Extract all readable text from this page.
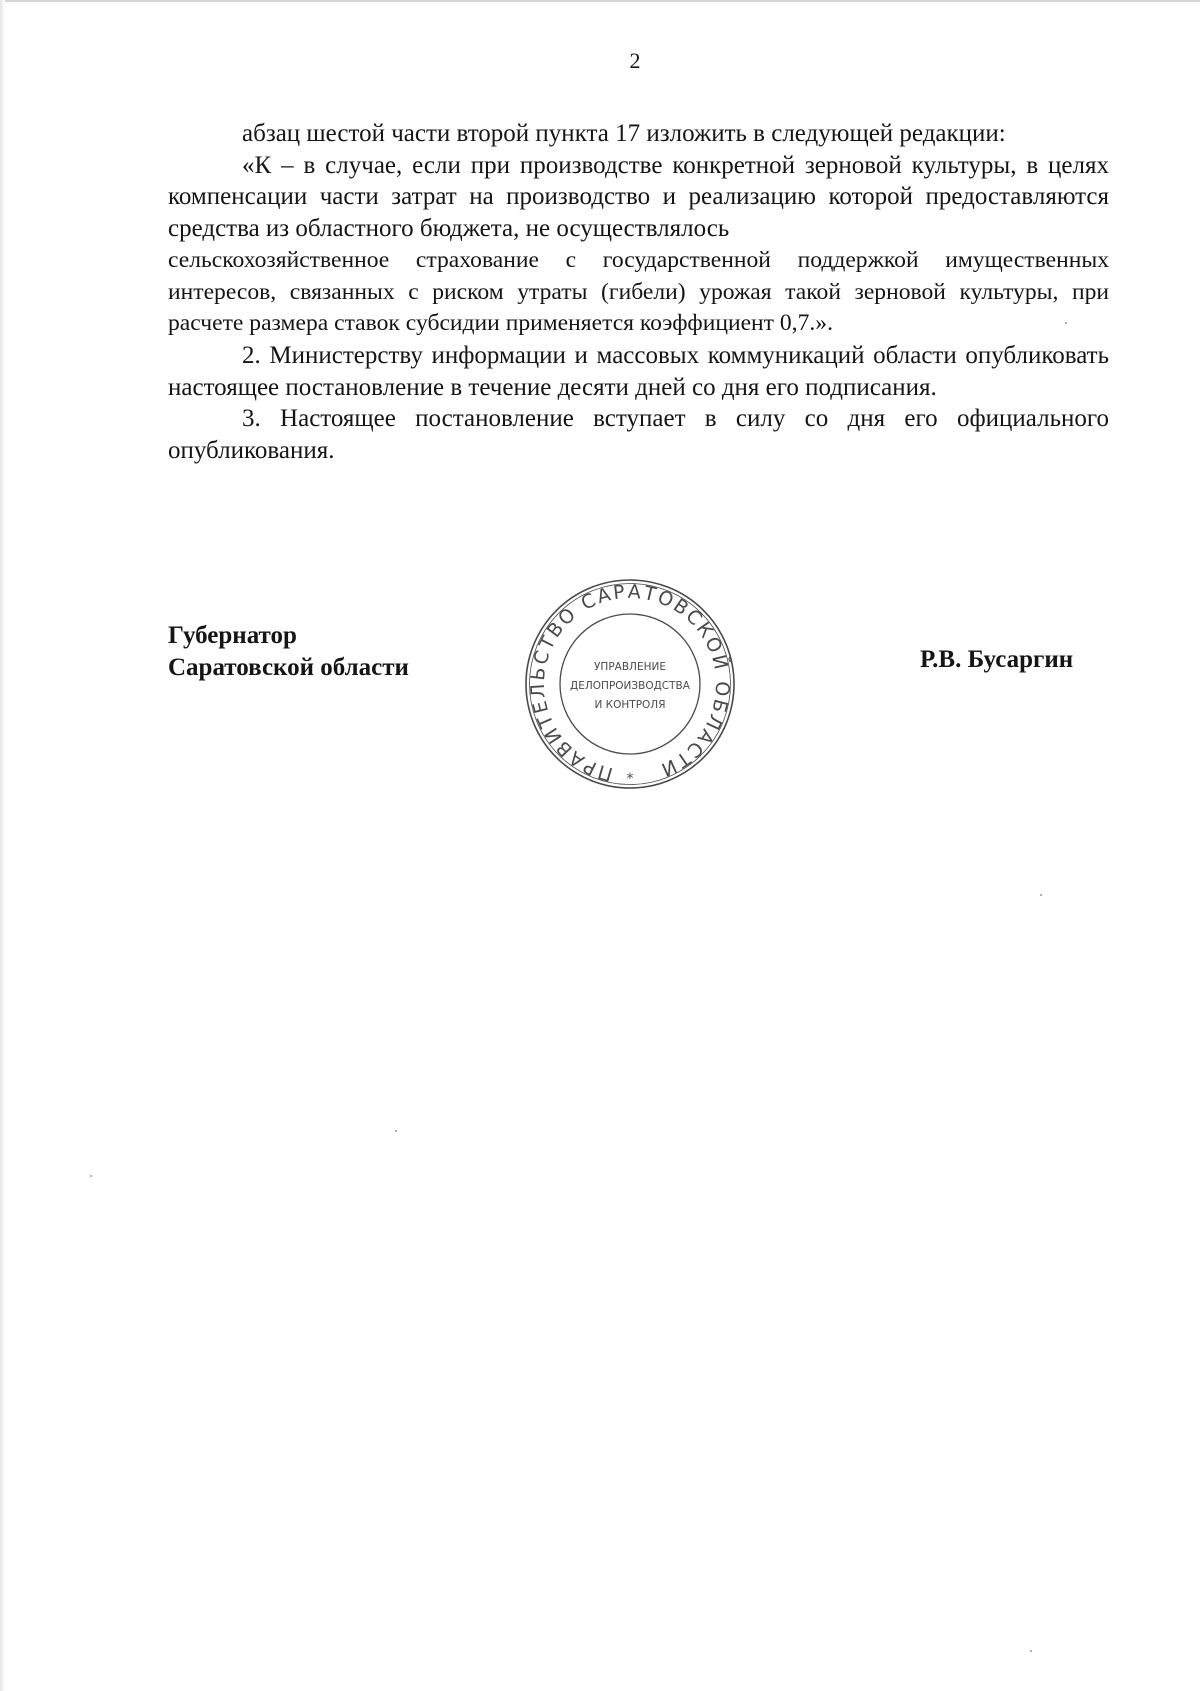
2

абзац шестой части второй пункта 17 изложить в следующей редакции:

«К – в случае, если при производстве конкретной зерновой культуры, в целях компенсации части затрат на производство и реализацию которой предоставляются средства из областного бюджета, не осуществлялось

сельскохозяйственное страхование с государственной поддержкой имущественных интересов, связанных с риском утраты (гибели) урожая такой зерновой культуры, при расчете размера ставок субсидии применяется коэффициент 0,7.».

2. Министерству информации и массовых коммуникаций области опубликовать настоящее постановление в течение десяти дней со дня его подписания.

3. Настоящее постановление вступает в силу со дня его официального опубликования.

Губернатор
Саратовской области
ПРАВИТЕЛЬСТВО САРАТОВСКОЙ ОБЛАСТИ
УПРАВЛЕНИЕ
ДЕЛОПРОИЗВОДСТВА
И КОНТРОЛЯ
*
Р.В. Бусаргин
